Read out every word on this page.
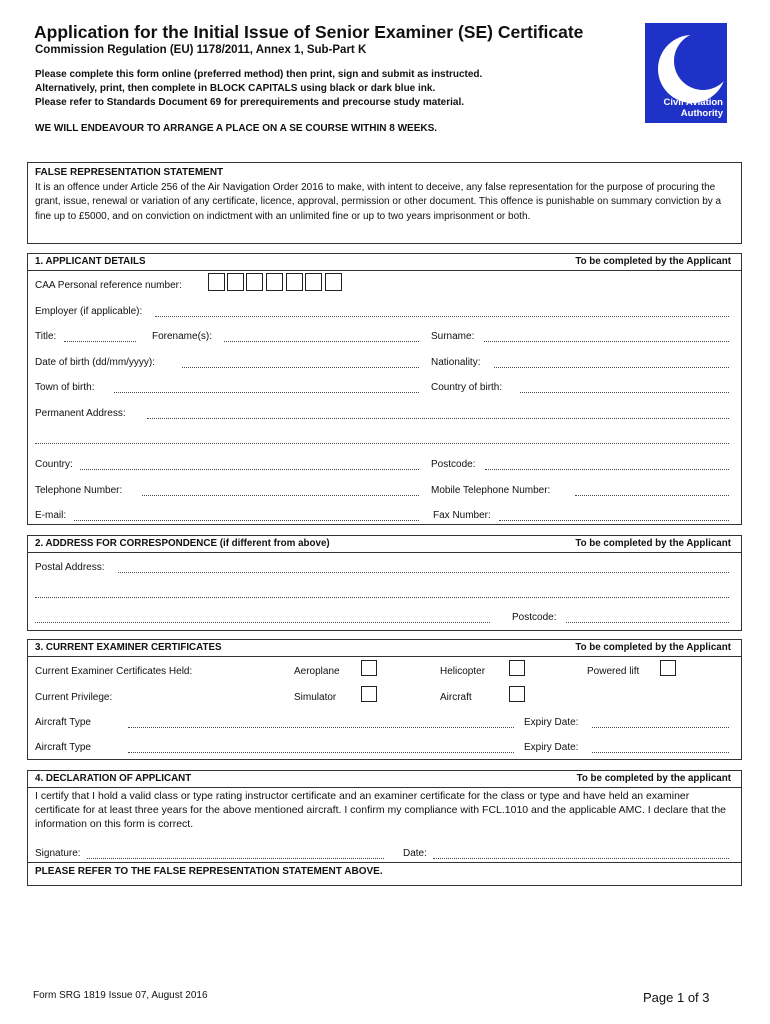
Application for the Initial Issue of Senior Examiner (SE) Certificate
Commission Regulation (EU) 1178/2011, Annex 1, Sub-Part K
Please complete this form online (preferred method) then print, sign and submit as instructed.
Alternatively, print, then complete in BLOCK CAPITALS using black or dark blue ink.
Please refer to Standards Document 69 for prerequirements and precourse study material.
WE WILL ENDEAVOUR TO ARRANGE A PLACE ON A SE COURSE WITHIN 8 WEEKS.
Civil Aviation
Authority
FALSE REPRESENTATION STATEMENT
It is an offence under Article 256 of the Air Navigation Order 2016 to make, with intent to deceive, any false representation for the purpose of procuring the grant, issue, renewal or variation of any certificate, licence, approval, permission or other document. This offence is punishable on summary conviction by a fine up to £5000, and on conviction on indictment with an unlimited fine or up to two years imprisonment or both.
1. APPLICANT DETAILS	To be completed by the Applicant
CAA Personal reference number:
Employer (if applicable):
Title:	Forename(s):	Surname:
Date of birth (dd/mm/yyyy):	Nationality:
Town of birth:	Country of birth:
Permanent Address:
Country:	Postcode:
Telephone Number:	Mobile Telephone Number:
E-mail:	Fax Number:
2. ADDRESS FOR CORRESPONDENCE (if different from above)	To be completed by the Applicant
Postal Address:
Postcode:
3. CURRENT EXAMINER CERTIFICATES	To be completed by the Applicant
Current Examiner Certificates Held:	Aeroplane	Helicopter	Powered lift
Current Privilege:	Simulator	Aircraft
Aircraft Type	Expiry Date:
Aircraft Type	Expiry Date:
4. DECLARATION OF APPLICANT	To be completed by the applicant
I certify that I hold a valid class or type rating instructor certificate and an examiner certificate for the class or type and have held an examiner certificate for at least three years for the above mentioned aircraft. I confirm my compliance with FCL.1010 and the applicable AMC. I declare that the information on this form is correct.
PLEASE REFER TO THE FALSE REPRESENTATION STATEMENT ABOVE.
Signature:	Date:
Form SRG 1819 Issue 07, August 2016	Page 1 of 3
